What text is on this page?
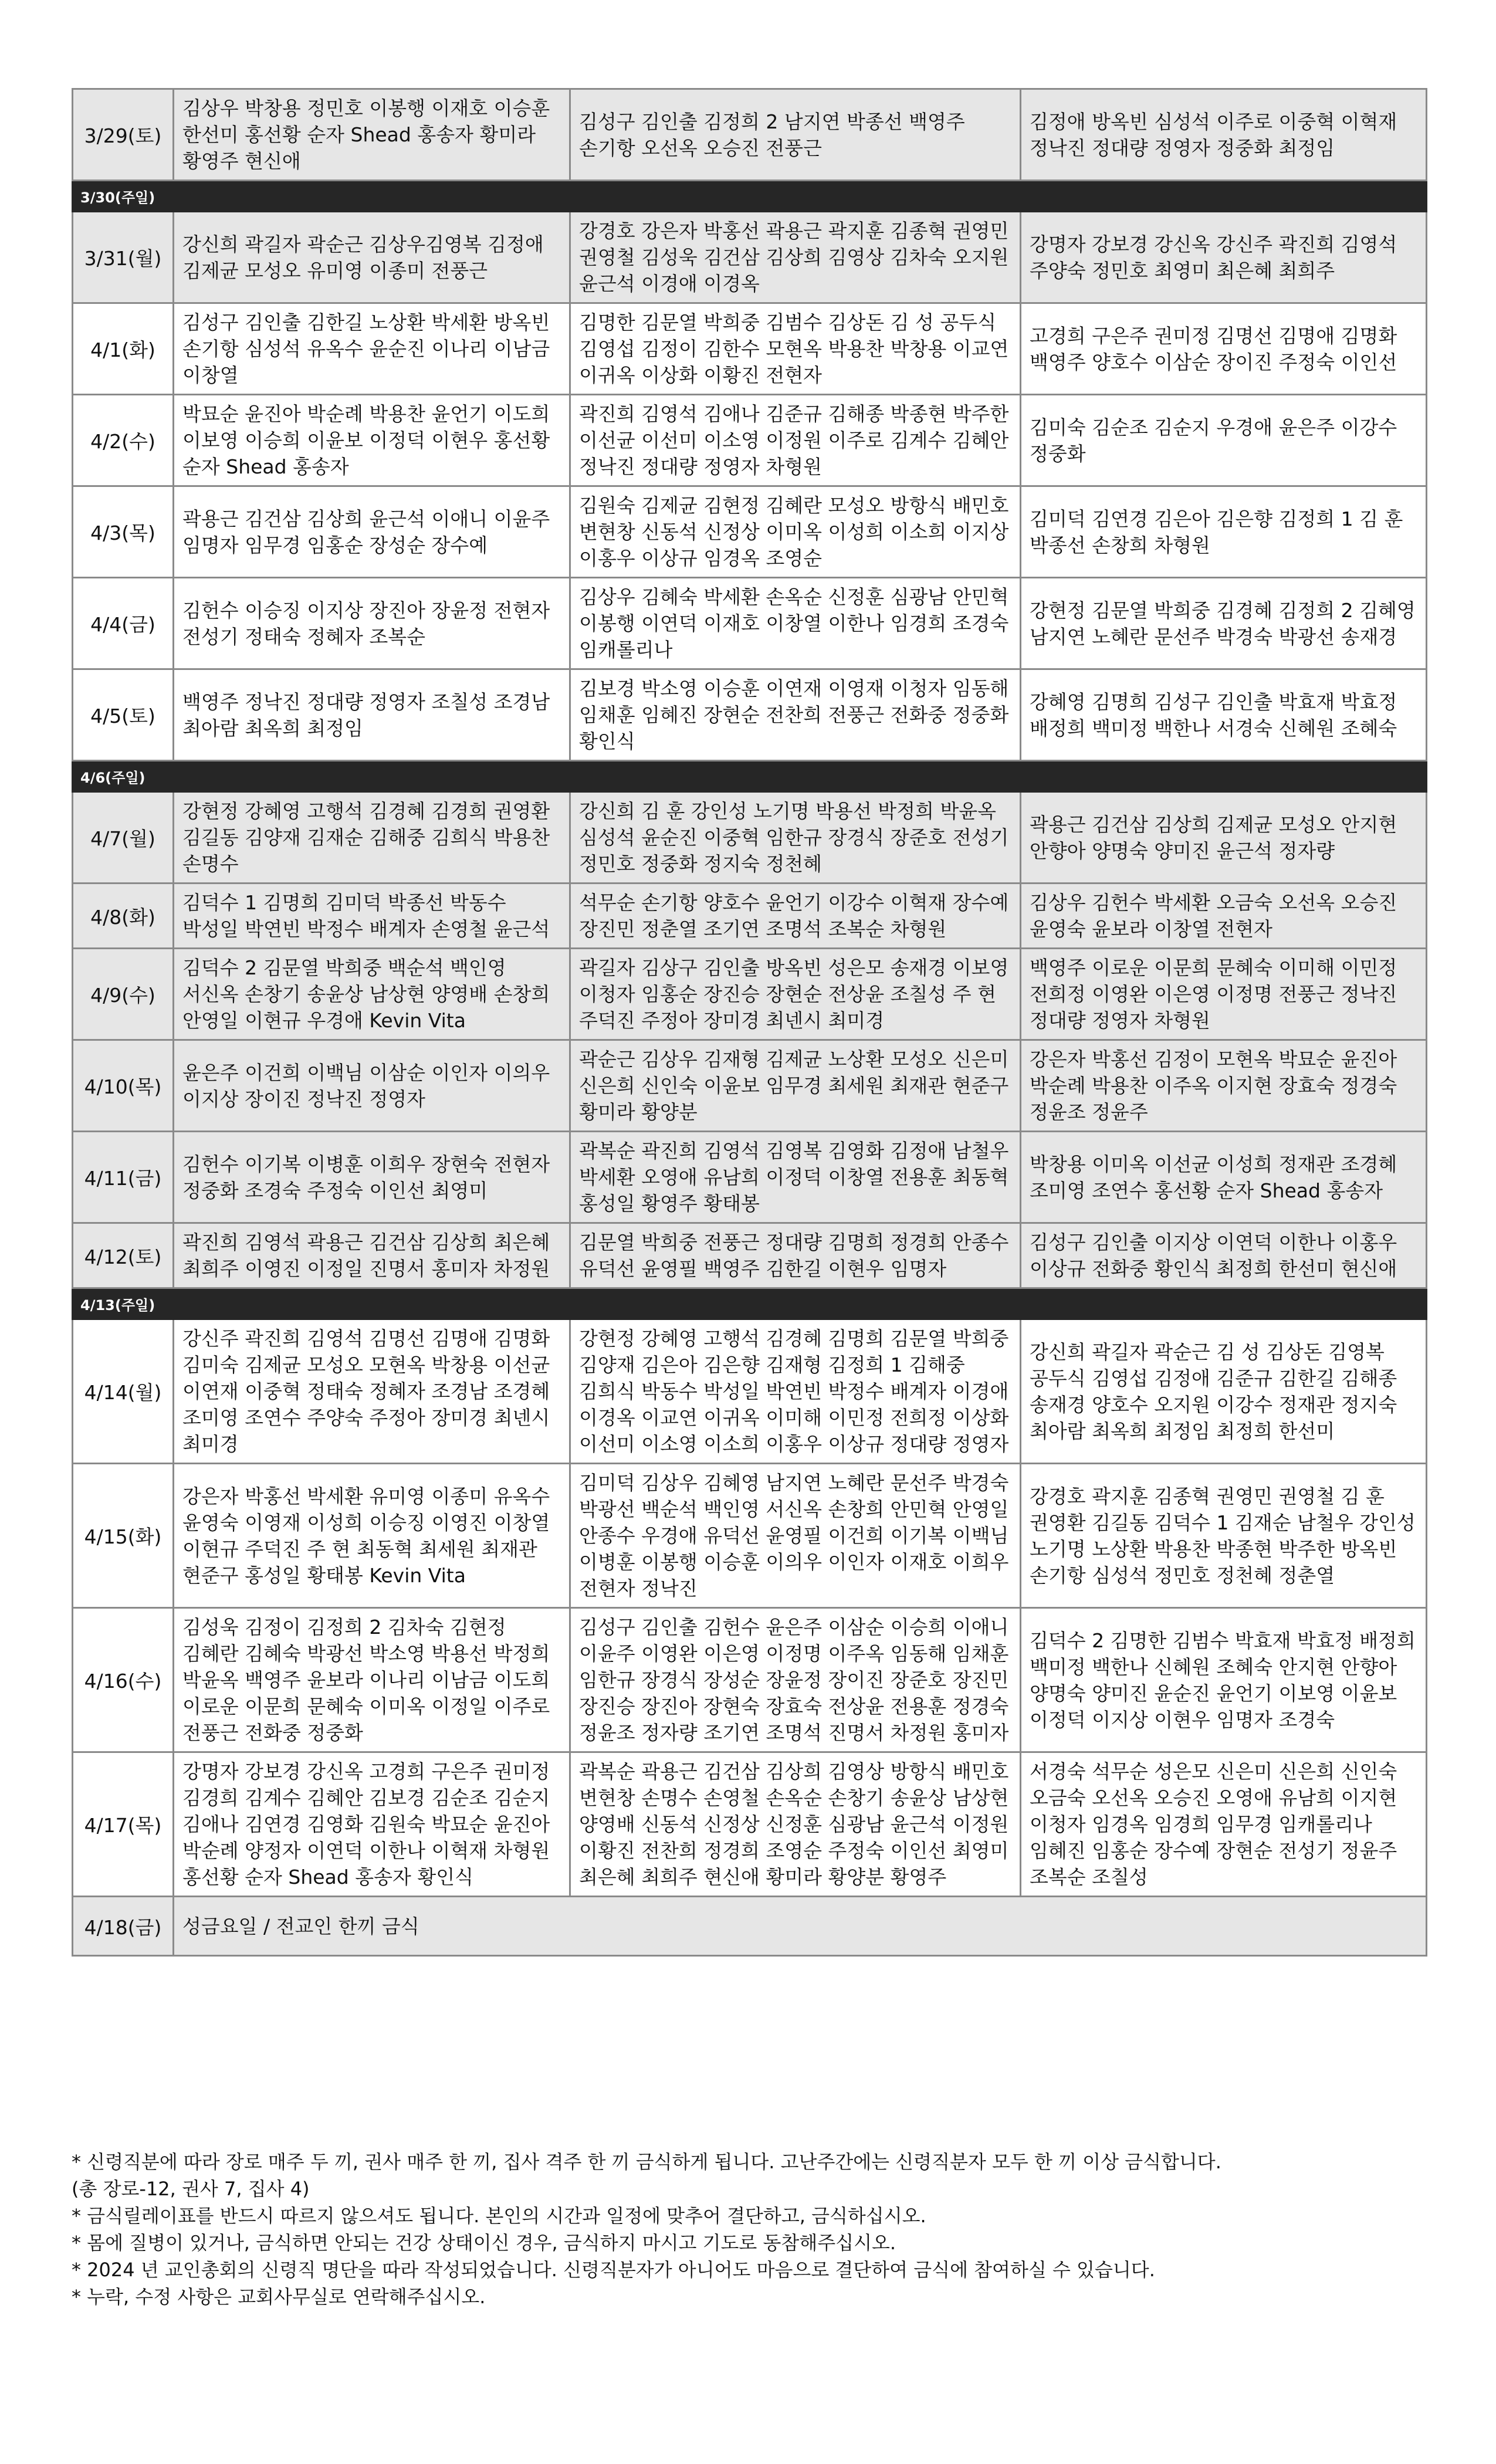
3/29(토)	김상우 박창용 정민호 이봉행 이재호 이승훈 한선미 홍선황 순자 Shead 홍송자 황미라 황영주 현신애	김성구 김인출 김정희 2 남지연 박종선 백영주 손기항 오선옥 오승진 전풍근	김정애 방옥빈 심성석 이주로 이중혁 이혁재 정낙진 정대량 정영자 정중화 최정임
3/30(주일)			
3/31(월)	강신희 곽길자 곽순근 김상우김영복 김정애 김제균 모성오 유미영 이종미 전풍근	강경호 강은자 박홍선 곽용근 곽지훈 김종혁 권영민 권영철 김성욱 김건삼 김상희 김영상 김차숙 오지원 윤근석 이경애 이경옥	강명자 강보경 강신옥 강신주 곽진희 김영석 주양숙 정민호 최영미 최은혜 최희주
4/1(화)	김성구 김인출 김한길 노상환 박세환 방옥빈 손기항 심성석 유옥수 윤순진 이나리 이남금 이창열	김명한 김문열 박희중 김범수 김상돈 김 성 공두식 김영섭 김정이 김한수 모현옥 박용찬 박창용 이교연 이귀옥 이상화 이황진 전현자	고경희 구은주 권미정 김명선 김명애 김명화 백영주 양호수 이삼순 장이진 주정숙 이인선
4/2(수)	박묘순 윤진아 박순례 박용찬 윤언기 이도희 이보영 이승희 이윤보 이정덕 이현우 홍선황 순자 Shead 홍송자	곽진희 김영석 김애나 김준규 김해종 박종현 박주한 이선균 이선미 이소영 이정원 이주로 김계수 김혜안 정낙진 정대량 정영자 차형원	김미숙 김순조 김순지 우경애 윤은주 이강수 정중화
4/3(목)	곽용근 김건삼 김상희 윤근석 이애니 이윤주 임명자 임무경 임홍순 장성순 장수예	김원숙 김제균 김현정 김혜란 모성오 방항식 배민호 변현창 신동석 신정상 이미옥 이성희 이소희 이지상 이홍우 이상규 임경옥 조영순	김미덕 김연경 김은아 김은향 김정희 1 김 훈 박종선 손창희 차형원
4/4(금)	김헌수 이승징 이지상 장진아 장윤정 전현자 전성기 정태숙 정혜자 조복순	김상우 김혜숙 박세환 손옥순 신정훈 심광남 안민혁 이봉행 이연덕 이재호 이창열 이한나 임경희 조경숙 임캐롤리나	강현정 김문열 박희중 김경혜 김정희 2 김혜영 남지연 노혜란 문선주 박경숙 박광선 송재경
4/5(토)	백영주 정낙진 정대량 정영자 조칠성 조경남 최아람 최옥희 최정임	김보경 박소영 이승훈 이연재 이영재 이청자 임동해 임채훈 임혜진 장현순 전찬희 전풍근 전화중 정중화 황인식	강혜영 김명희 김성구 김인출 박효재 박효정 배정희 백미정 백한나 서경숙 신혜원 조혜숙
4/6(주일)			
4/7(월)	강현정 강혜영 고행석 김경혜 김경희 권영환 김길동 김양재 김재순 김해중 김희식 박용찬 손명수	강신희 김 훈 강인성 노기명 박용선 박정희 박윤옥 심성석 윤순진 이중혁 임한규 장경식 장준호 전성기 정민호 정중화 정지숙 정천혜	곽용근 김건삼 김상희 김제균 모성오 안지현 안향아 양명숙 양미진 윤근석 정자량
4/8(화)	김덕수 1 김명희 김미덕 박종선 박동수 박성일 박연빈 박정수 배계자 손영철 윤근석	석무순 손기항 양호수 윤언기 이강수 이혁재 장수예 장진민 정춘열 조기연 조명석 조복순 차형원	김상우 김헌수 박세환 오금숙 오선옥 오승진 윤영숙 윤보라 이창열 전현자
4/9(수)	김덕수 2 김문열 박희중 백순석 백인영 서신옥 손창기 송윤상 남상현 양영배 손창희 안영일 이현규 우경애 Kevin Vita	곽길자 김상구 김인출 방옥빈 성은모 송재경 이보영 이청자 임홍순 장진승 장현순 전상윤 조칠성 주 현 주덕진 주정아 장미경 최넨시 최미경	백영주 이로운 이문희 문혜숙 이미해 이민정 전희정 이영완 이은영 이정명 전풍근 정낙진 정대량 정영자 차형원
4/10(목)	윤은주 이건희 이백님 이삼순 이인자 이의우 이지상 장이진 정낙진 정영자	곽순근 김상우 김재형 김제균 노상환 모성오 신은미 신은희 신인숙 이윤보 임무경 최세원 최재관 현준구 황미라 황양분	강은자 박홍선 김정이 모현옥 박묘순 윤진아 박순례 박용찬 이주옥 이지현 장효숙 정경숙 정윤조 정윤주
4/11(금)	김헌수 이기복 이병훈 이희우 장현숙 전현자 정중화 조경숙 주정숙 이인선 최영미	곽복순 곽진희 김영석 김영복 김영화 김정애 남철우 박세환 오영애 유남희 이정덕 이창열 전용훈 최동혁 홍성일 황영주 황태봉	박창용 이미옥 이선균 이성희 정재관 조경혜 조미영 조연수 홍선황 순자 Shead 홍송자
4/12(토)	곽진희 김영석 곽용근 김건삼 김상희 최은혜 최희주 이영진 이정일 진명서 홍미자 차정원	김문열 박희중 전풍근 정대량 김명희 정경희 안종수 유덕선 윤영필 백영주 김한길 이현우 임명자	김성구 김인출 이지상 이연덕 이한나 이홍우 이상규 전화중 황인식 최정희 한선미 현신애
4/13(주일)			
4/14(월)	강신주 곽진희 김영석 김명선 김명애 김명화 김미숙 김제균 모성오 모현옥 박창용 이선균 이연재 이중혁 정태숙 정혜자 조경남 조경혜 조미영 조연수 주양숙 주정아 장미경 최넨시 최미경	강현정 강혜영 고행석 김경혜 김명희 김문열 박희중 김양재 김은아 김은향 김재형 김정희 1 김해중 김희식 박동수 박성일 박연빈 박정수 배계자 이경애 이경옥 이교연 이귀옥 이미해 이민정 전희정 이상화 이선미 이소영 이소희 이홍우 이상규 정대량 정영자	강신희 곽길자 곽순근 김 성 김상돈 김영복 공두식 김영섭 김정애 김준규 김한길 김해종 송재경 양호수 오지원 이강수 정재관 정지숙 최아람 최옥희 최정임 최정희 한선미
4/15(화)	강은자 박홍선 박세환 유미영 이종미 유옥수 윤영숙 이영재 이성희 이승징 이영진 이창열 이현규 주덕진 주 현 최동혁 최세원 최재관 현준구 홍성일 황태봉 Kevin Vita	김미덕 김상우 김혜영 남지연 노혜란 문선주 박경숙 박광선 백순석 백인영 서신옥 손창희 안민혁 안영일 안종수 우경애 유덕선 윤영필 이건희 이기복 이백님 이병훈 이봉행 이승훈 이의우 이인자 이재호 이희우 전현자 정낙진	강경호 곽지훈 김종혁 권영민 권영철 김 훈 권영환 김길동 김덕수 1 김재순 남철우 강인성 노기명 노상환 박용찬 박종현 박주한 방옥빈 손기항 심성석 정민호 정천혜 정춘열
4/16(수)	김성욱 김정이 김정희 2 김차숙 김현정 김혜란 김혜숙 박광선 박소영 박용선 박정희 박윤옥 백영주 윤보라 이나리 이남금 이도희 이로운 이문희 문혜숙 이미옥 이정일 이주로 전풍근 전화중 정중화	김성구 김인출 김헌수 윤은주 이삼순 이승희 이애니 이윤주 이영완 이은영 이정명 이주옥 임동해 임채훈 임한규 장경식 장성순 장윤정 장이진 장준호 장진민 장진승 장진아 장현숙 장효숙 전상윤 전용훈 정경숙 정윤조 정자량 조기연 조명석 진명서 차정원 홍미자	김덕수 2 김명한 김범수 박효재 박효정 배정희 백미정 백한나 신혜원 조혜숙 안지현 안향아 양명숙 양미진 윤순진 윤언기 이보영 이윤보 이정덕 이지상 이현우 임명자 조경숙
4/17(목)	강명자 강보경 강신옥 고경희 구은주 권미정 김경희 김계수 김혜안 김보경 김순조 김순지 김애나 김연경 김영화 김원숙 박묘순 윤진아 박순례 양정자 이연덕 이한나 이혁재 차형원 홍선황 순자 Shead 홍송자 황인식	곽복순 곽용근 김건삼 김상희 김영상 방항식 배민호 변현창 손명수 손영철 손옥순 손창기 송윤상 남상현 양영배 신동석 신정상 신정훈 심광남 윤근석 이정원 이황진 전찬희 정경희 조영순 주정숙 이인선 최영미 최은혜 최희주 현신애 황미라 황양분 황영주	서경숙 석무순 성은모 신은미 신은희 신인숙 오금숙 오선옥 오승진 오영애 유남희 이지현 이청자 임경옥 임경희 임무경 임캐롤리나 임혜진 임홍순 장수예 장현순 전성기 정윤주 조복순 조칠성
4/18(금)	성금요일 / 전교인 한끼 금식		
* 신령직분에 따라 장로 매주 두 끼, 권사 매주 한 끼, 집사 격주 한 끼 금식하게 됩니다. 고난주간에는 신령직분자 모두 한 끼 이상 금식합니다.
(총 장로-12, 권사 7, 집사 4)
* 금식릴레이표를 반드시 따르지 않으셔도 됩니다. 본인의 시간과 일정에 맞추어 결단하고, 금식하십시오.
* 몸에 질병이 있거나, 금식하면 안되는 건강 상태이신 경우, 금식하지 마시고 기도로 동참해주십시오.
* 2024 년 교인총회의 신령직 명단을 따라 작성되었습니다. 신령직분자가 아니어도 마음으로 결단하여 금식에 참여하실 수 있습니다.
* 누락, 수정 사항은 교회사무실로 연락해주십시오.
